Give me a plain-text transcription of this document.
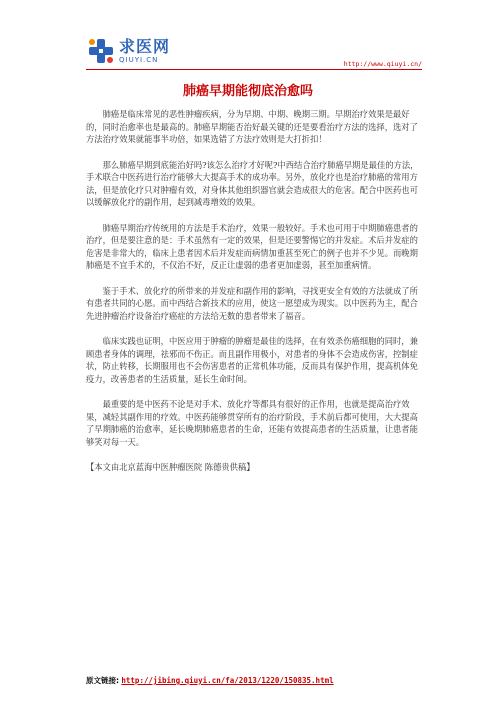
求医网
QIUYI.CN
http://www.qiuyi.cn/
肺癌早期能彻底治愈吗

肺癌是临床常见的恶性肿瘤疾病，分为早期、中期、晚期三期。早期治疗效果是最好的，同时治愈率也是最高的。肺癌早期能否治好最关键的还是要看治疗方法的选择，选对了方法治疗效果就能事半功倍，如果选错了方法疗效则是大打折扣！

那么肺癌早期到底能治好吗?该怎么治疗才好呢?中西结合治疗肺癌早期是最佳的方法，手术联合中医药进行治疗能够大大提高手术的成功率。另外，放化疗也是治疗肺癌的常用方法，但是放化疗只对肿瘤有效，对身体其他组织器官就会造成很大的危害。配合中医药也可以缓解放化疗的副作用，起到减毒增效的效果。

肺癌早期治疗传统用的方法是手术治疗，效果一般较好。手术也可用于中期肺癌患者的治疗，但是要注意的是：手术虽然有一定的效果，但是还要警惕它的并发症。术后并发症的危害是非常大的，临床上患者因术后并发症而病情加重甚至死亡的例子也并不少见。而晚期肺癌是不宜手术的，不仅治不好，反正让虚弱的患者更加虚弱，甚至加重病情。

鉴于手术、放化疗的所带来的并发症和副作用的影响，寻找更安全有效的方法就成了所有患者共同的心愿。而中西结合新技术的应用，使这一愿望成为现实。以中医药为主，配合先进肿瘤治疗设备治疗癌症的方法给无数的患者带来了福音。

临床实践也证明，中医应用于肿瘤的肿瘤是最佳的选择，在有效杀伤癌细胞的同时，兼顾患者身体的调理，祛邪而不伤正。而且副作用极小，对患者的身体不会造成伤害，控制症状，防止转移，长期服用也不会伤害患者的正常机体功能，反而具有保护作用，提高机体免疫力，改善患者的生活质量，延长生命时间。

最重要的是中医药不论是对手术、放化疗等都具有很好的正作用，也就是提高治疗效果，减轻其副作用的疗效。中医药能够贯穿所有的治疗阶段，手术前后都可使用，大大提高了早期肺癌的治愈率，延长晚期肺癌患者的生命，还能有效提高患者的生活质量，让患者能够笑对每一天。

【本文由北京蓝海中医肿瘤医院 陈德贵供稿】
原文链接: http://jibing.qiuyi.cn/fa/2013/1220/150835.html
